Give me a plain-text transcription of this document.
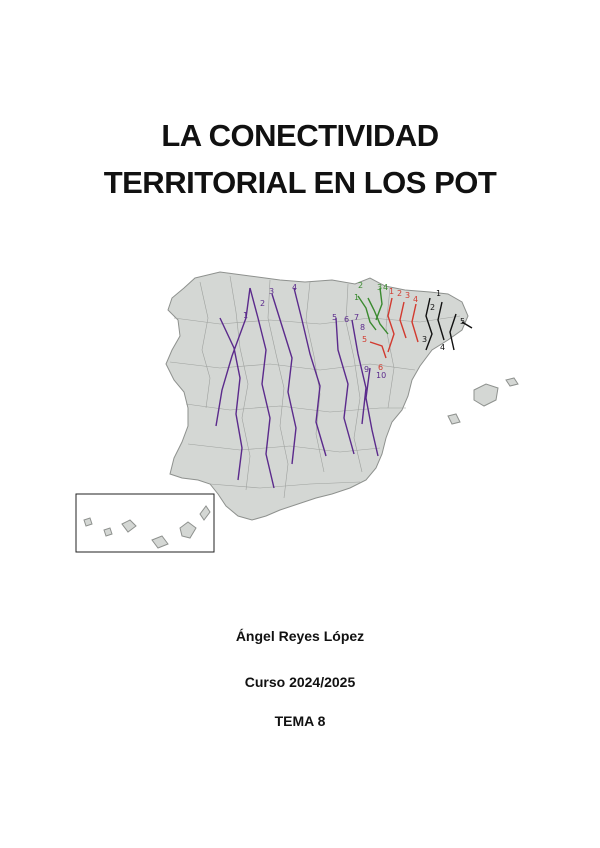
LA CONECTIVIDAD
TERRITORIAL EN LOS POT
1
2
3 4
5 6 7
8
9
10
1
2 3 4 1 2 3 4
5
6
1
2
3
4
5
Ángel Reyes López
Curso 2024/2025
TEMA 8
